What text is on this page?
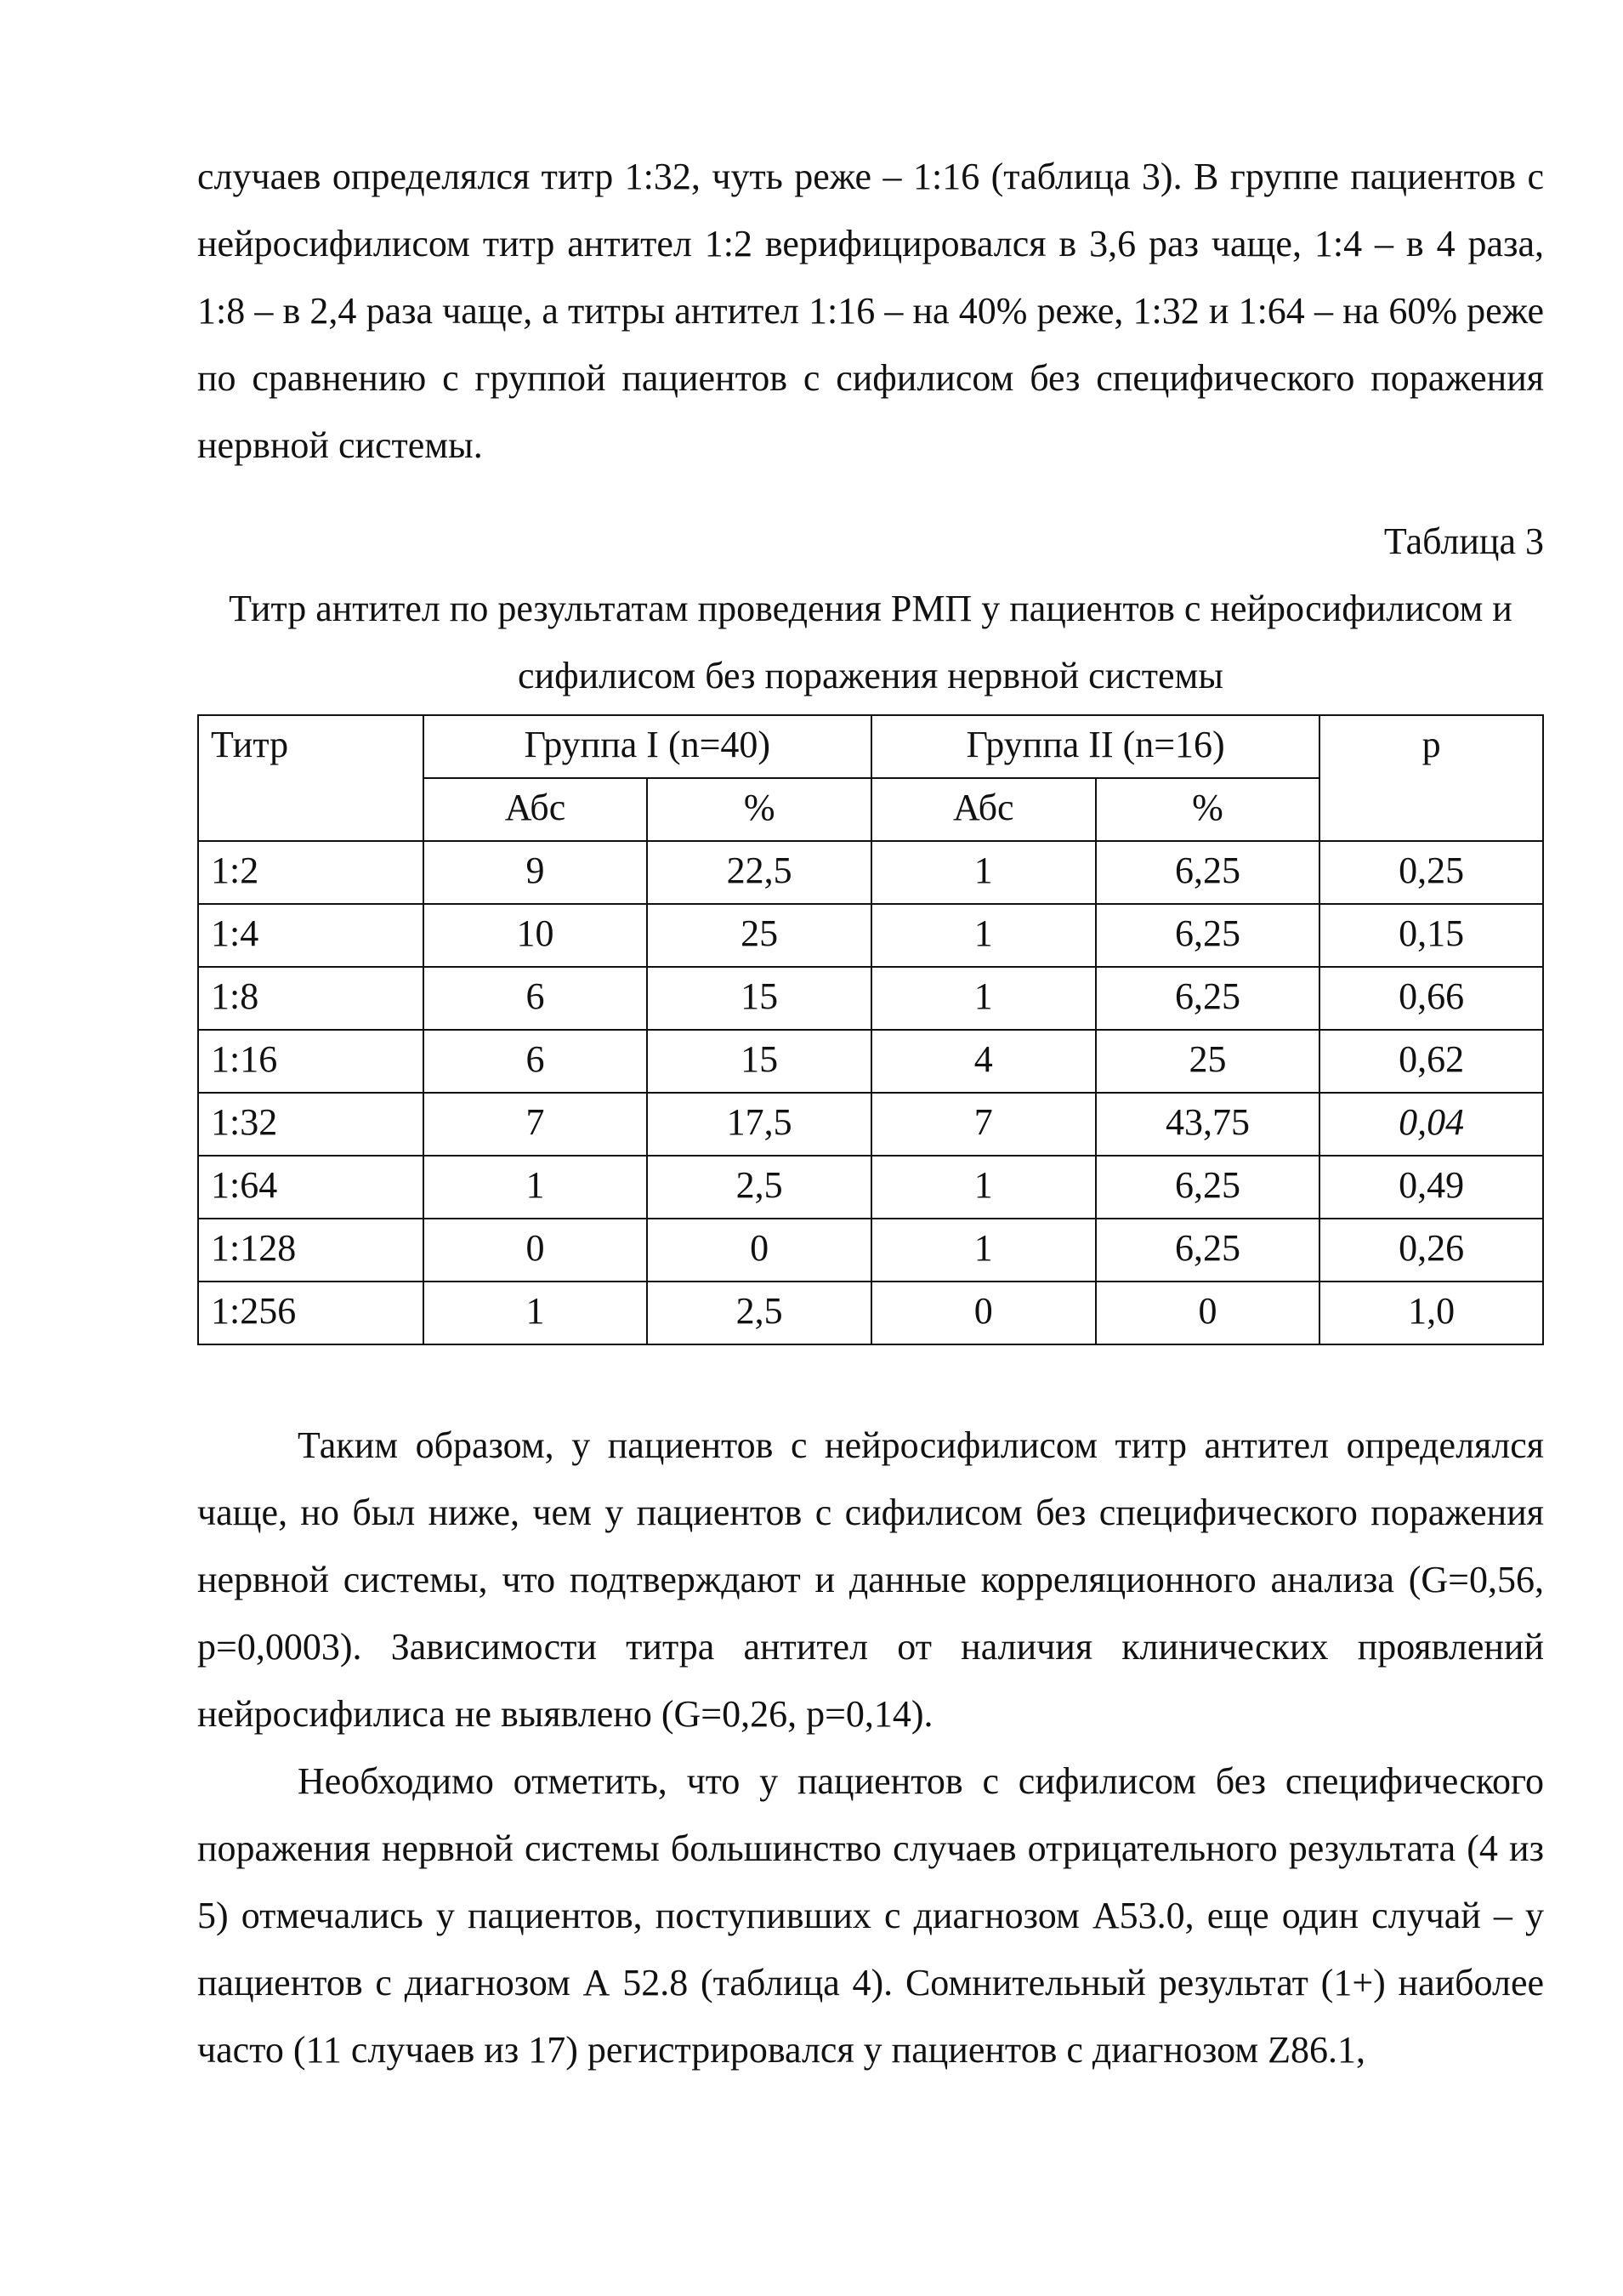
случаев определялся титр 1:32, чуть реже – 1:16 (таблица 3). В группе пациентов с нейросифилисом титр антител 1:2 верифицировался в 3,6 раз чаще, 1:4 – в 4 раза, 1:8 – в 2,4 раза чаще, а титры антител 1:16 – на 40% реже, 1:32 и 1:64 – на 60% реже по сравнению с группой пациентов с сифилисом без специфического поражения нервной системы.

Таблица 3
Титр антител по результатам проведения РМП у пациентов с нейросифилисом и сифилисом без поражения нервной системы
Титр	Группа I (n=40)		Группа II (n=16)		р
	Абс	%	Абс	%	
1:2	9	22,5	1	6,25	0,25
1:4	10	25	1	6,25	0,15
1:8	6	15	1	6,25	0,66
1:16	6	15	4	25	0,62
1:32	7	17,5	7	43,75	0,04
1:64	1	2,5	1	6,25	0,49
1:128	0	0	1	6,25	0,26
1:256	1	2,5	0	0	1,0

Таким образом, у пациентов с нейросифилисом титр антител определялся чаще, но был ниже, чем у пациентов с сифилисом без специфического поражения нервной системы, что подтверждают и данные корреляционного анализа (G=0,56, p=0,0003). Зависимости титра антител от наличия клинических проявлений нейросифилиса не выявлено (G=0,26, p=0,14).

Необходимо отметить, что у пациентов с сифилисом без специфического поражения нервной системы большинство случаев отрицательного результата (4 из 5) отмечались у пациентов, поступивших с диагнозом А53.0, еще один случай – у пациентов с диагнозом А 52.8 (таблица 4). Сомнительный результат (1+) наиболее часто (11 случаев из 17) регистрировался у пациентов с диагнозом Z86.1,
